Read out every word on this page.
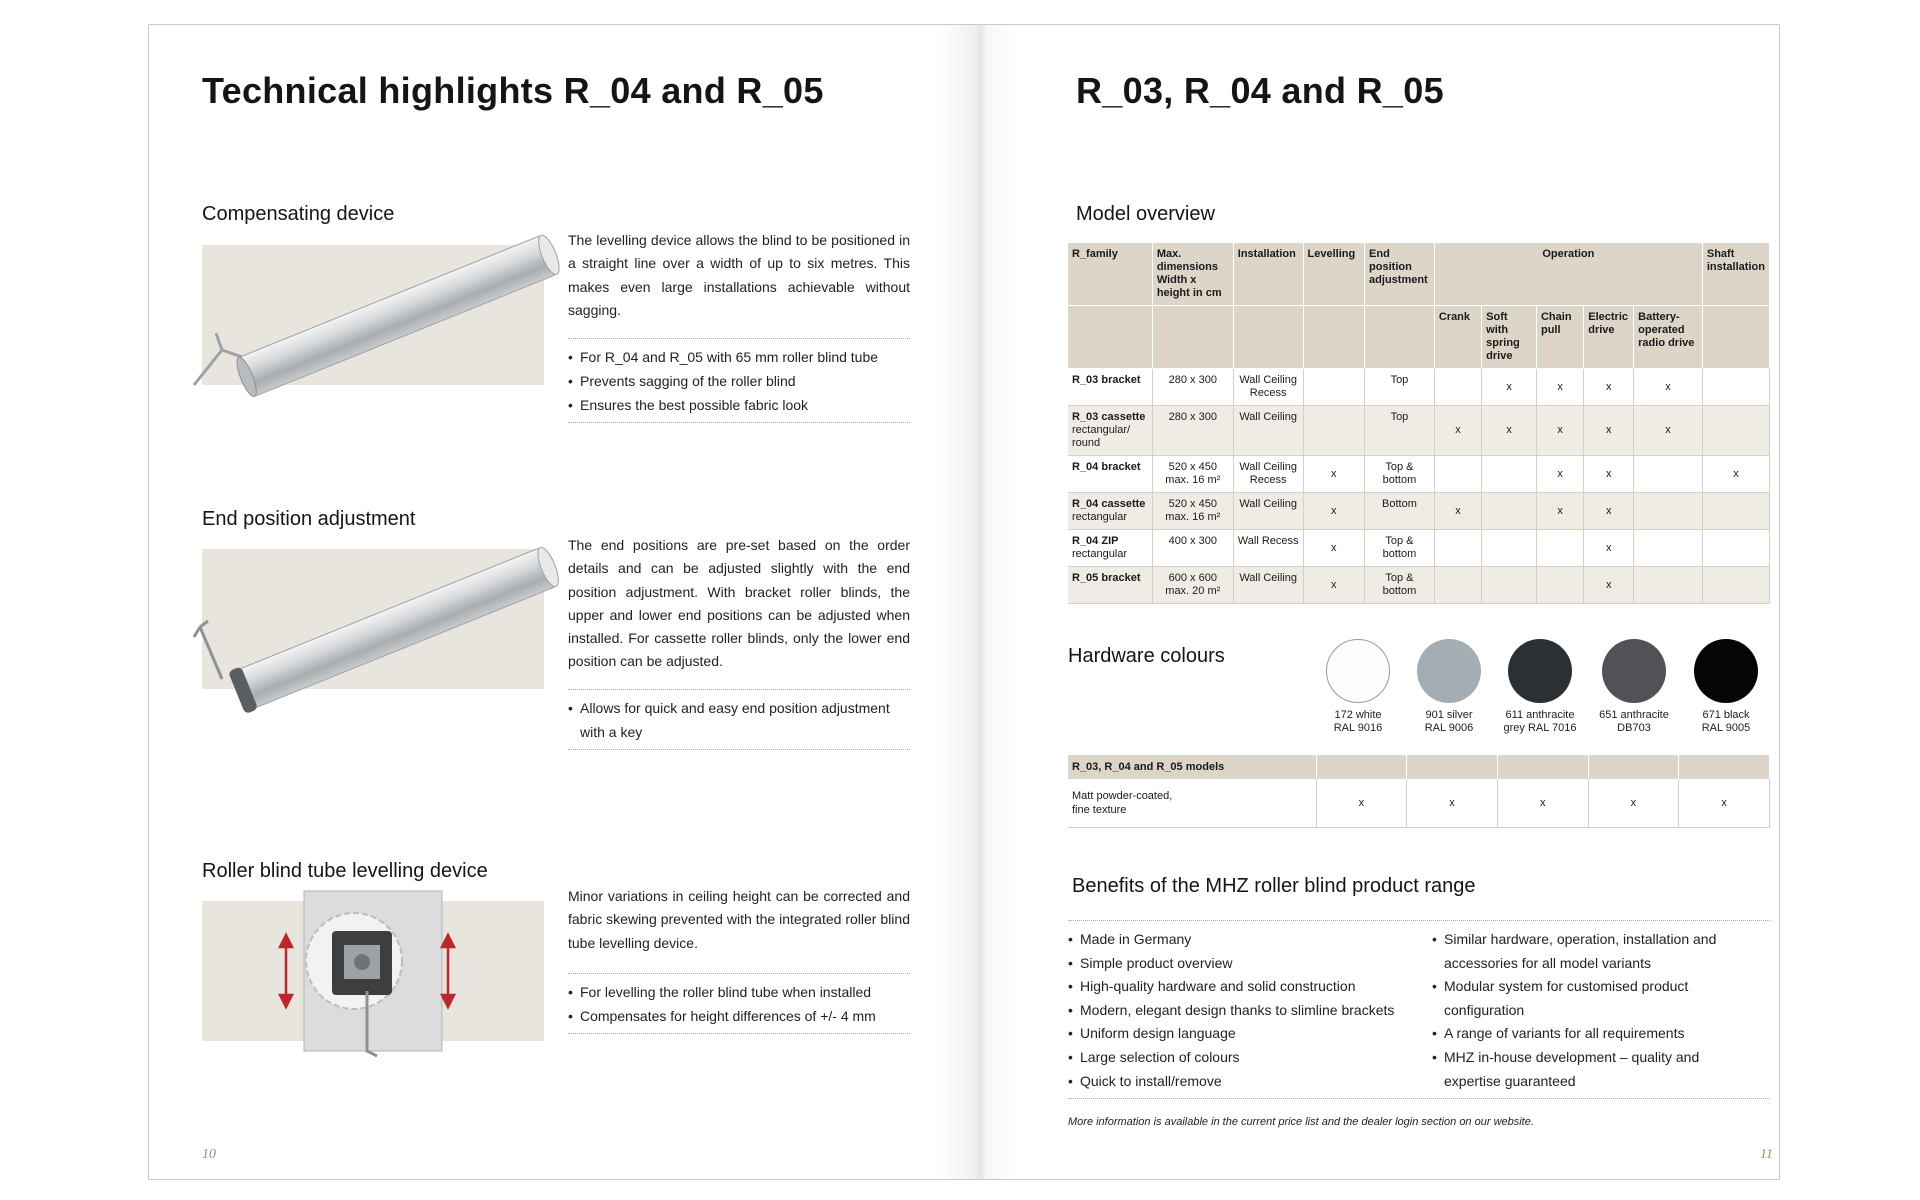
Technical highlights R_04 and R_05
Compensating device
The levelling device allows the blind to be positioned in a straight line over a width of up to six metres. This makes even large installations achievable without sagging.
• For R_04 and R_05 with 65 mm roller blind tube
• Prevents sagging of the roller blind
• Ensures the best possible fabric look
End position adjustment
The end positions are pre-set based on the order details and can be adjusted slightly with the end position adjustment. With bracket roller blinds, the upper and lower end positions can be adjusted when installed. For cassette roller blinds, only the lower end position can be adjusted.
• Allows for quick and easy end position adjustment with a key
Roller blind tube levelling device
Minor variations in ceiling height can be corrected and fabric skewing prevented with the integrated roller blind tube levelling device.
• For levelling the roller blind tube when installed
• Compensates for height differences of +/- 4 mm
10
R_03, R_04 and R_05
Model overview
R_family	Max. dimensions Width x height in cm	Installation	Levelling	End position adjustment	Operation					Shaft installation
					Crank	Soft with spring drive	Chain pull	Electric drive	Battery-operated radio drive	

R_03 bracket	280 x 300	Wall Ceiling Recess		Top		x	x	x	x	

R_03 cassette
rectangular/ round	280 x 300	Wall Ceiling		Top	x	x	x	x	x	

R_04 bracket	520 x 450 max. 16 m²	Wall Ceiling Recess	x	Top & bottom			x	x		x

R_04 cassette
rectangular	520 x 450 max. 16 m²	Wall Ceiling	x	Bottom	x		x	x		

R_04 ZIP
rectangular	400 x 300	Wall Recess	x	Top & bottom				x		

R_05 bracket	600 x 600 max. 20 m²	Wall Ceiling	x	Top & bottom				x		
Hardware colours
172 white
RAL 9016
901 silver
RAL 9006
611 anthracite
grey RAL 7016
651 anthracite
DB703
671 black
RAL 9005
R_03, R_04 and R_05 models					

Matt powder-coated,
fine texture	x	x	x	x	x
Benefits of the MHZ roller blind product range
• Made in Germany
• Simple product overview
• High-quality hardware and solid construction
• Modern, elegant design thanks to slimline brackets
• Uniform design language
• Large selection of colours
• Quick to install/remove
• Similar hardware, operation, installation and accessories for all model variants
• Modular system for customised product configuration
• A range of variants for all requirements
• MHZ in-house development – quality and expertise guaranteed
More information is available in the current price list and the dealer login section on our website.
11
